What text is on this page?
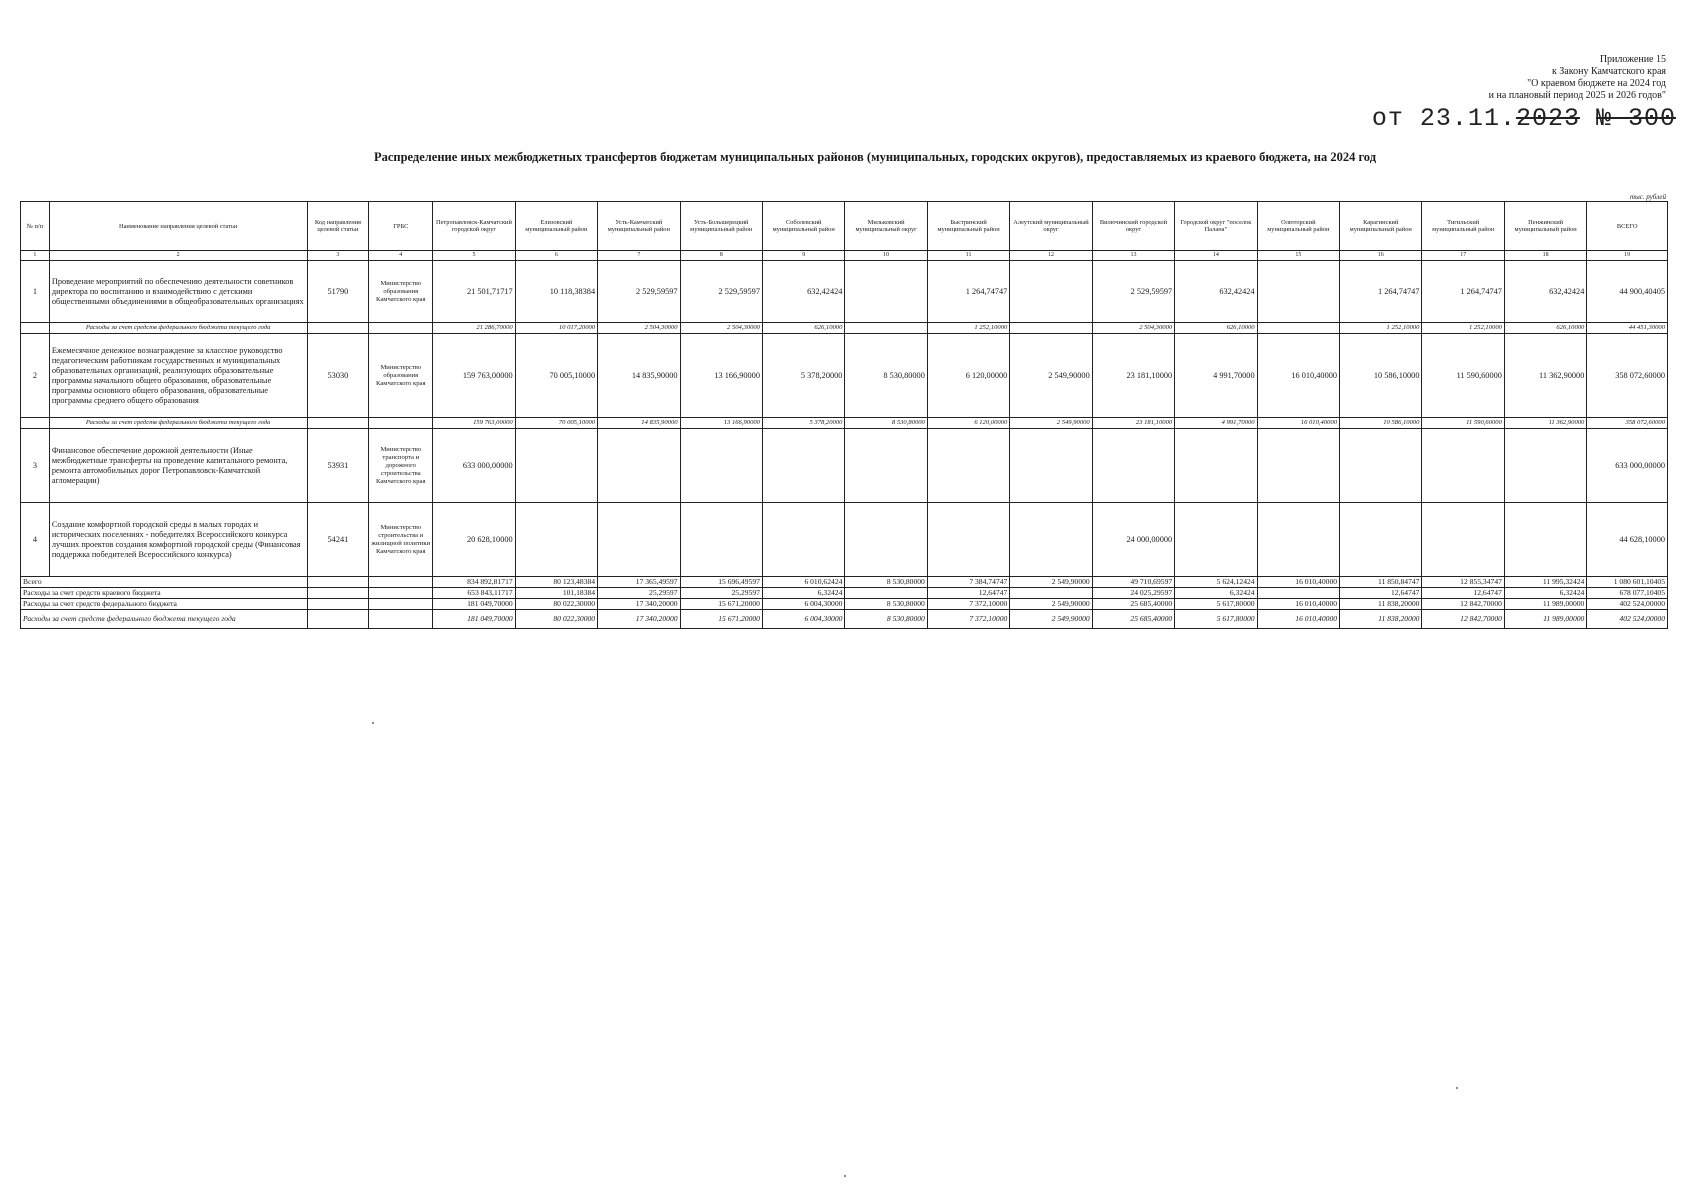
Приложение 15
к Закону Камчатского края
"О краевом бюджете на 2024 год
и на плановый период 2025 и 2026 годов"
от 23.11.2023 № 300
Распределение иных межбюджетных трансфертов бюджетам муниципальных районов (муниципальных, городских округов), предоставляемых из краевого бюджета, на 2024 год
тыс. рублей
№ п/п	Наименование направления целевой статьи	Код направления целевой статьи	ГРБС	Петропавловск-Камчатский городской округ	Елизовский муниципальный район	Усть-Камчатский муниципальный район	Усть-Большерецкий муниципальный район	Соболевский муниципальный район	Мильковский муниципальный округ	Быстринский муниципальный район	Алеутский муниципальный округ	Вилючинский городской округ	Городской округ "поселок Палана"	Олюторский муниципальный район	Карагинский муниципальный район	Тигильский муниципальный район	Пенжинский муниципальный район	ВСЕГО
1	2	3	4	5	6	7	8	9	10	11	12	13	14	15	16	17	18	19
1	Проведение мероприятий по обеспечению деятельности советников директора по воспитанию и взаимодействию с детскими общественными объединениями в общеобразовательных организациях	51790	Министерство образования Камчатского края	21 501,71717	10 118,38384	2 529,59597	2 529,59597	632,42424		1 264,74747		2 529,59597	632,42424		1 264,74747	1 264,74747	632,42424	44 900,40405
	Расходы за счет средств федерального бюджета текущего года			21 286,70000	10 017,20000	2 504,30000	2 504,30000	626,10000		1 252,10000		2 504,30000	626,10000		1 252,10000	1 252,10000	626,10000	44 451,30000
2	Ежемесячное денежное вознаграждение за классное руководство педагогическим работникам государственных и муниципальных образовательных организаций, реализующих образовательные программы начального общего образования, образовательные программы основного общего образования, образовательные программы среднего общего образования	53030	Министерство образования Камчатского края	159 763,00000	70 005,10000	14 835,90000	13 166,90000	5 378,20000	8 530,80000	6 120,00000	2 549,90000	23 181,10000	4 991,70000	16 010,40000	10 586,10000	11 590,60000	11 362,90000	358 072,60000
	Расходы за счет средств федерального бюджета текущего года			159 763,00000	70 005,10000	14 835,90000	13 166,90000	5 378,20000	8 530,80000	6 120,00000	2 549,90000	23 181,10000	4 991,70000	16 010,40000	10 586,10000	11 590,60000	11 362,90000	358 072,60000
3	Финансовое обеспечение дорожной деятельности (Иные межбюджетные трансферты на проведение капитального ремонта, ремонта автомобильных дорог Петропавловск-Камчатской агломерации)	53931	Министерство транспорта и дорожного строительства Камчатского края	633 000,00000														633 000,00000
4	Создание комфортной городской среды в малых городах и исторических поселениях - победителях Всероссийского конкурса лучших проектов создания комфортной городской среды (Финансовая поддержка победителей Всероссийского конкурса)	54241	Министерство строительства и жилищной политики Камчатского края	20 628,10000								24 000,00000						44 628,10000
Всего				834 892,81717	80 123,48384	17 365,49597	15 696,49597	6 010,62424	8 530,80000	7 384,74747	2 549,90000	49 710,69597	5 624,12424	16 010,40000	11 850,84747	12 855,34747	11 995,32424	1 080 601,10405
Расходы за счет средств краевого бюджета				653 843,11717	101,18384	25,29597	25,29597	6,32424		12,64747		24 025,29597	6,32424		12,64747	12,64747	6,32424	678 077,10405
Расходы за счет средств федерального бюджета				181 049,70000	80 022,30000	17 340,20000	15 671,20000	6 004,30000	8 530,80000	7 372,10000	2 549,90000	25 685,40000	5 617,80000	16 010,40000	11 838,20000	12 842,70000	11 989,00000	402 524,00000
Расходы за счет средств федерального бюджета текущего года				181 049,70000	80 022,30000	17 340,20000	15 671,20000	6 004,30000	8 530,80000	7 372,10000	2 549,90000	25 685,40000	5 617,80000	16 010,40000	11 838,20000	12 842,70000	11 989,00000	402 524,00000
